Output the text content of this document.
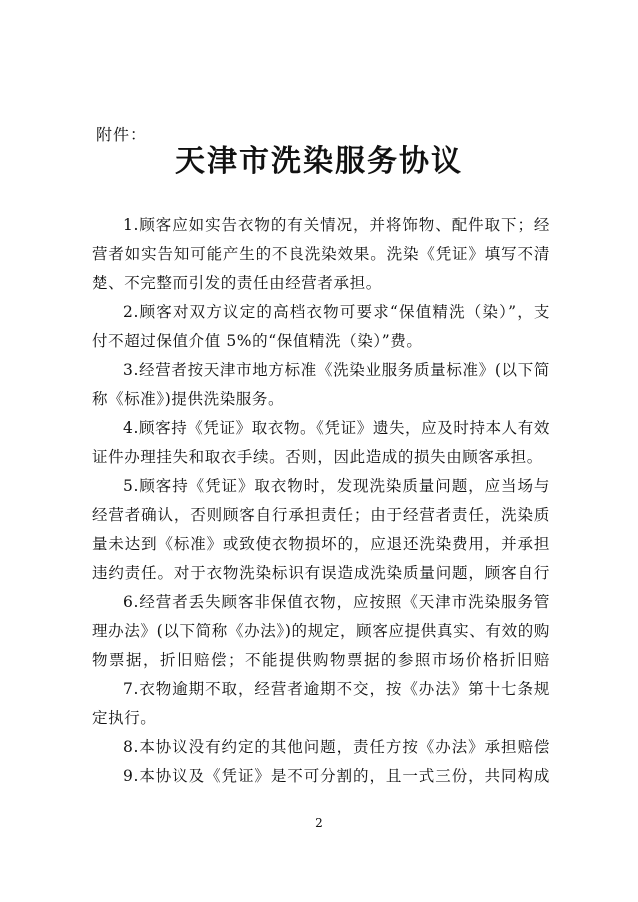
附件：

天津市洗染服务协议

1.顾客应如实告衣物的有关情况，并将饰物、配件取下；经营者如实告知可能产生的不良洗染效果。洗染《凭证》填写不清楚、不完整而引发的责任由经营者承担。

2.顾客对双方议定的高档衣物可要求“保值精洗（染）”，支付不超过保值介值 5%的“保值精洗（染）”费。

3.经营者按天津市地方标准《洗染业服务质量标准》(以下简称《标准》)提供洗染服务。

4.顾客持《凭证》取衣物。《凭证》遗失，应及时持本人有效证件办理挂失和取衣手续。否则，因此造成的损失由顾客承担。

5.顾客持《凭证》取衣物时，发现洗染质量问题，应当场与经营者确认，否则顾客自行承担责任；由于经营者责任，洗染质量未达到《标准》或致使衣物损坏的，应退还洗染费用，并承担违约责任。对于衣物洗染标识有误造成洗染质量问题，顾客自行

6.经营者丢失顾客非保值衣物，应按照《天津市洗染服务管理办法》(以下简称《办法》)的规定，顾客应提供真实、有效的购物票据，折旧赔偿；不能提供购物票据的参照市场价格折旧赔

7.衣物逾期不取，经营者逾期不交，按《办法》第十七条规定执行。

8.本协议没有约定的其他问题，责任方按《办法》承担赔偿

9.本协议及《凭证》是不可分割的，且一式三份，共同构成

2
